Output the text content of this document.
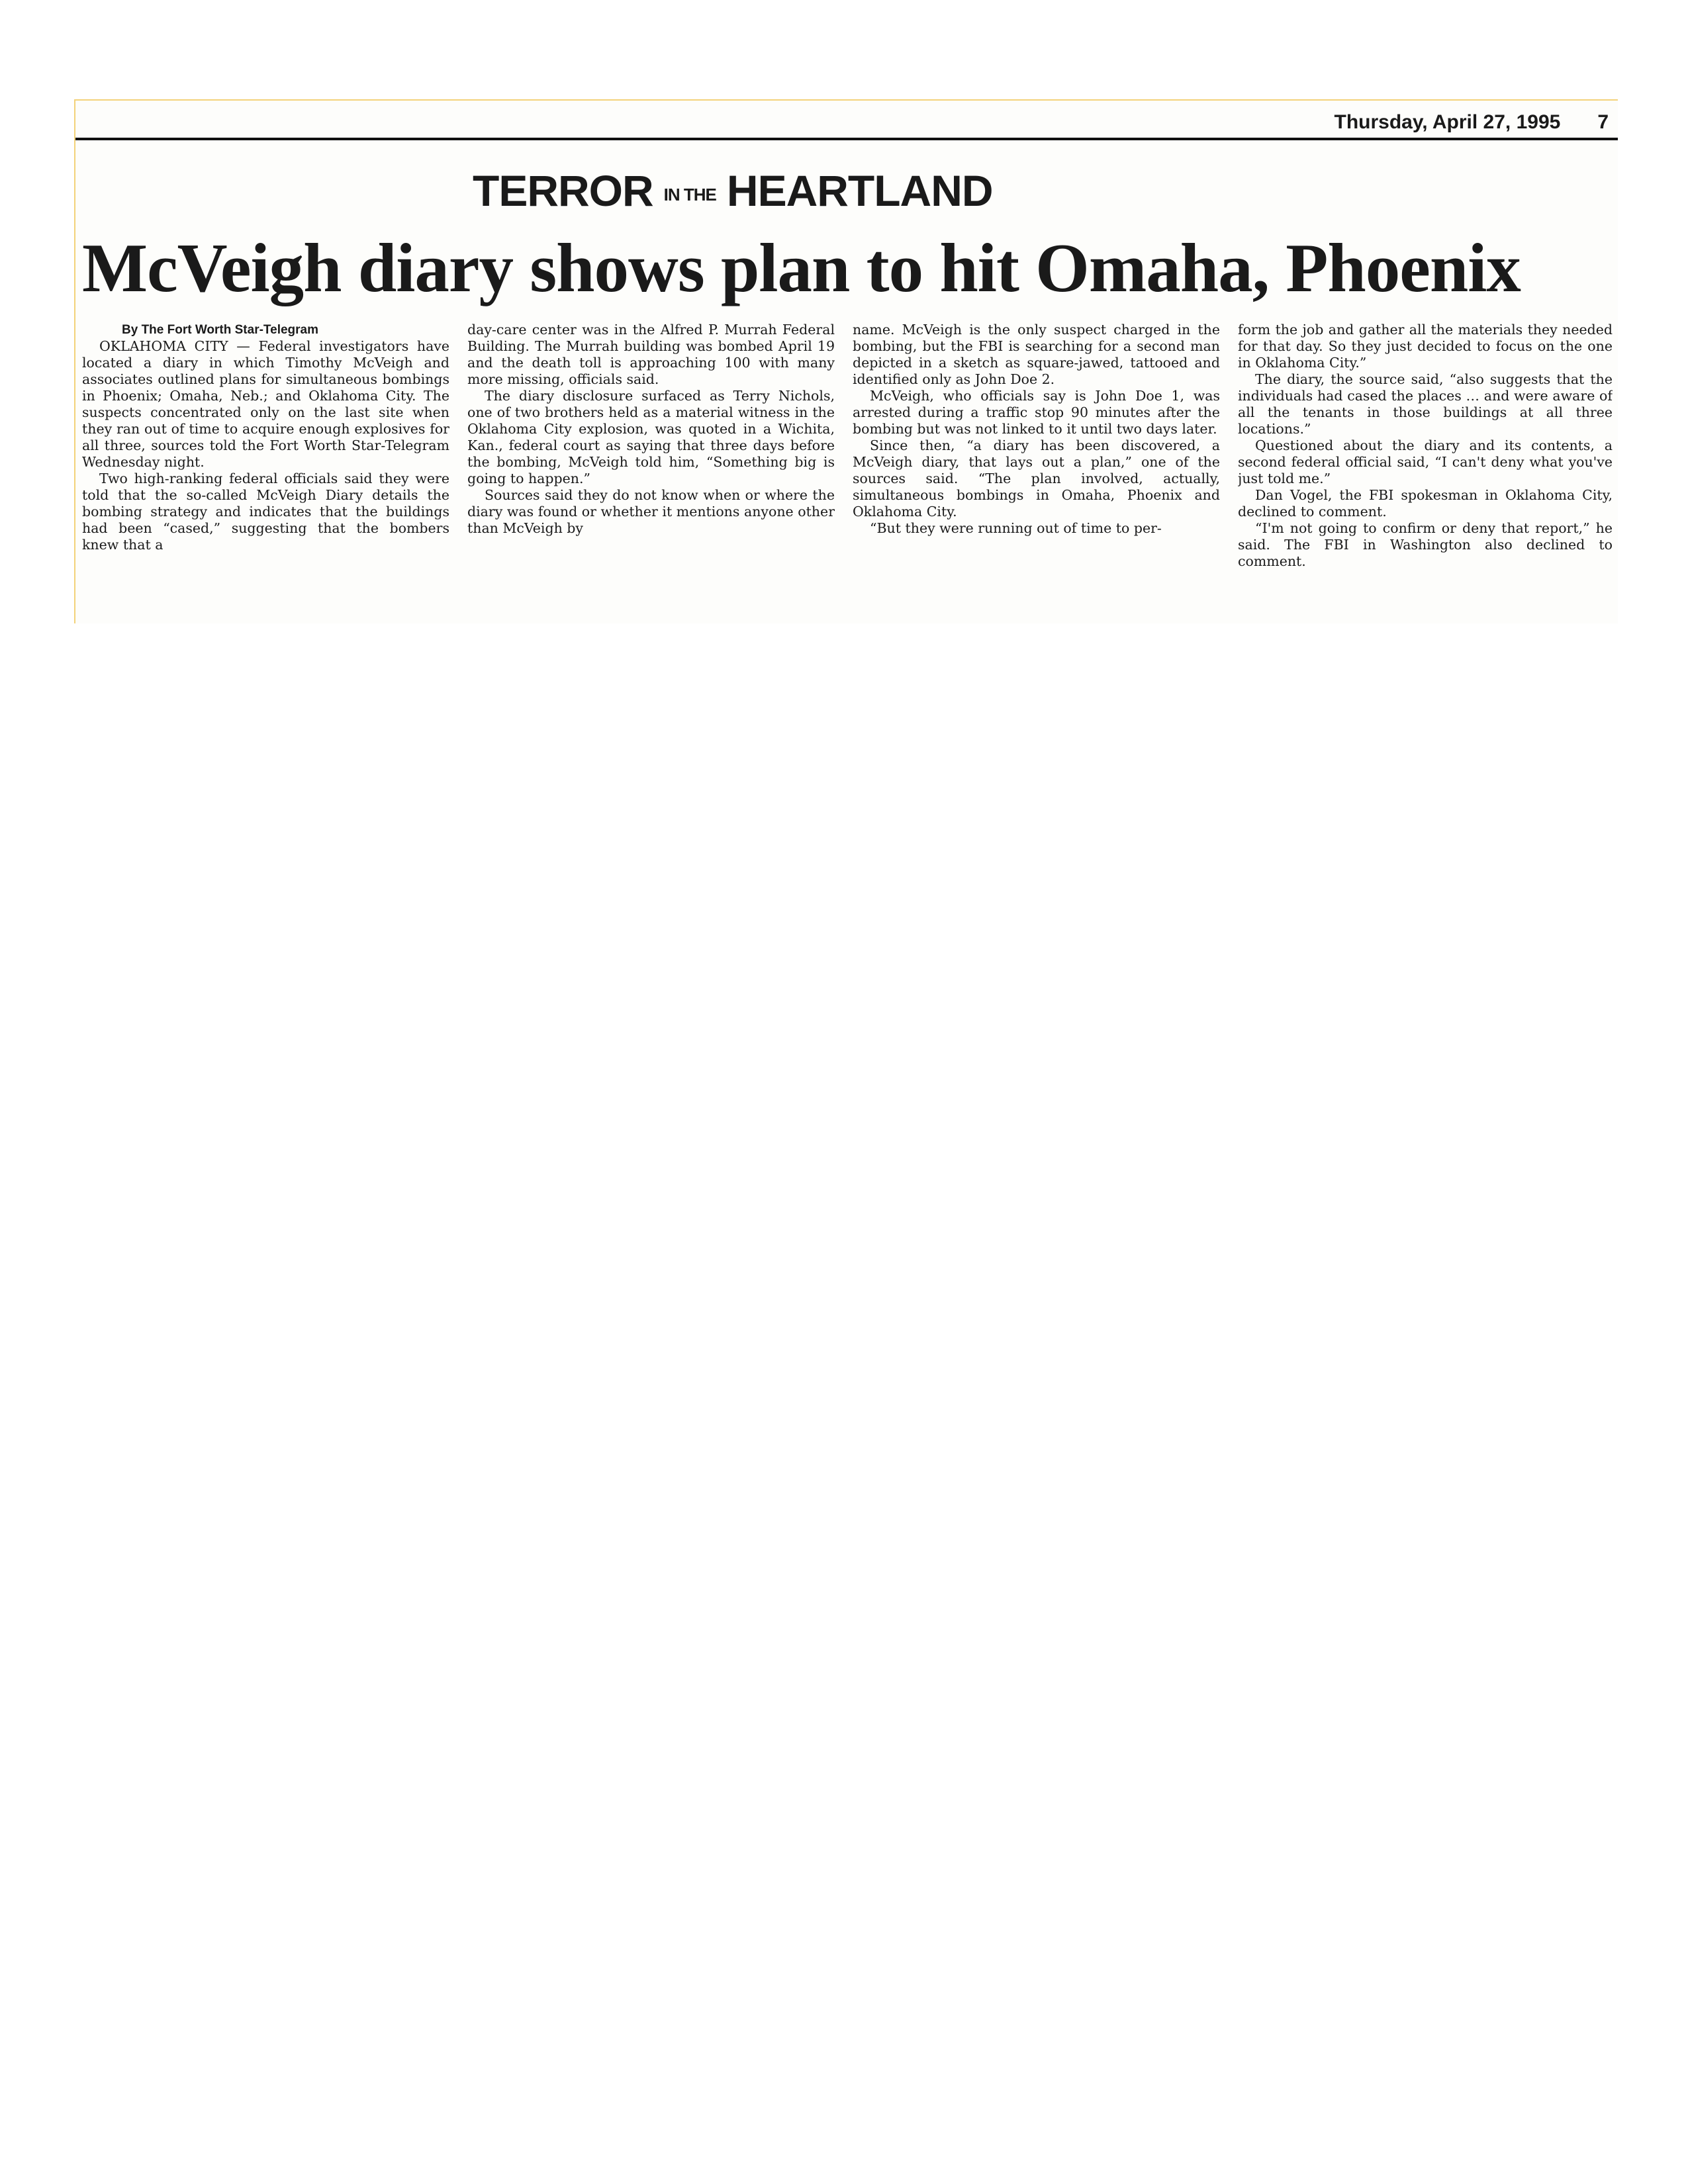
Thursday, April 27, 1995 7
TERROR IN THE HEARTLAND
McVeigh diary shows plan to hit Omaha, Phoenix
By The Fort Worth Star-Telegram

OKLAHOMA CITY — Federal investigators have located a diary in which Timothy McVeigh and associates outlined plans for simultaneous bombings in Phoenix; Omaha, Neb.; and Oklahoma City. The suspects concentrated only on the last site when they ran out of time to acquire enough explosives for all three, sources told the Fort Worth Star-Telegram Wednesday night.

Two high-ranking federal officials said they were told that the so-called McVeigh Diary details the bombing strategy and indicates that the buildings had been “cased,” suggesting that the bombers knew that a

day-care center was in the Alfred P. Murrah Federal Building. The Murrah building was bombed April 19 and the death toll is approaching 100 with many more missing, officials said.

The diary disclosure surfaced as Terry Nichols, one of two brothers held as a material witness in the Oklahoma City explosion, was quoted in a Wichita, Kan., federal court as saying that three days before the bombing, McVeigh told him, “Something big is going to happen.”

Sources said they do not know when or where the diary was found or whether it mentions anyone other than McVeigh by

name. McVeigh is the only suspect charged in the bombing, but the FBI is searching for a second man depicted in a sketch as square-jawed, tattooed and identified only as John Doe 2.

McVeigh, who officials say is John Doe 1, was arrested during a traffic stop 90 minutes after the bombing but was not linked to it until two days later.

Since then, “a diary has been discovered, a McVeigh diary, that lays out a plan,” one of the sources said. “The plan involved, actually, simultaneous bombings in Omaha, Phoenix and Oklahoma City.

“But they were running out of time to per-

form the job and gather all the materials they needed for that day. So they just decided to focus on the one in Oklahoma City.”

The diary, the source said, “also suggests that the individuals had cased the places … and were aware of all the tenants in those buildings at all three locations.”

Questioned about the diary and its contents, a second federal official said, “I can't deny what you've just told me.”

Dan Vogel, the FBI spokesman in Oklahoma City, declined to comment.

“I'm not going to confirm or deny that report,” he said. The FBI in Washington also declined to comment.
